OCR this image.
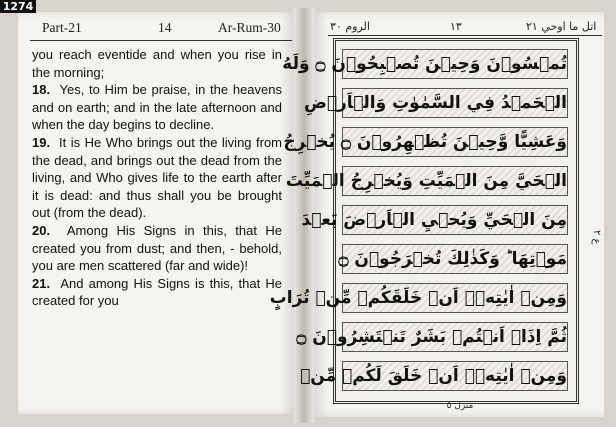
1274
Part-21	14	Ar-Rum-30

you reach eventide and when you rise in the morning;

18. Yes, to Him be praise, in the heavens and on earth; and in the late afternoon and when the day begins to decline.

19. It is He Who brings out the living from the dead, and brings out the dead from the living, and Who gives life to the earth after it is dead: and thus shall you be brought out (from the dead).

20. Among His Signs in this, that He created you from dust; and then, - behold, you are men scattered (far and wide)!

21. And among His Signs is this, that He created for you

الروم ٣٠	١٣	اتل ما اوحي ٢١
تُمۡسُوۡنَ وَحِيۡنَ تُصۡبِحُوۡنَ ۝ وَلَهُ
الۡحَمۡدُ فِي السَّمٰوٰتِ وَالۡاَرۡضِ
وَعَشِيًّا وَّحِيۡنَ تُظۡهِرُوۡنَ ۝ يُخۡرِجُ
الۡحَيَّ مِنَ الۡمَيِّتِ وَيُخۡرِجُ الۡمَيِّتَ
مِنَ الۡحَيِّ وَيُحۡيِ الۡاَرۡضَ بَعۡدَ
مَوۡتِهَا ؕ وَكَذٰلِكَ تُخۡرَجُوۡنَ ۝
وَمِنۡ اٰيٰتِهٖۤ اَنۡ خَلَقَكُمۡ مِّنۡ تُرَابٍ
ثُمَّ اِذَاۤ اَنۡتُمۡ بَشَرٌ تَنۡتَشِرُوۡنَ ۝
وَمِنۡ اٰيٰتِهٖۤ اَنۡ خَلَقَ لَكُمۡ مِّنۡ
ع ٢
منزل ٥
